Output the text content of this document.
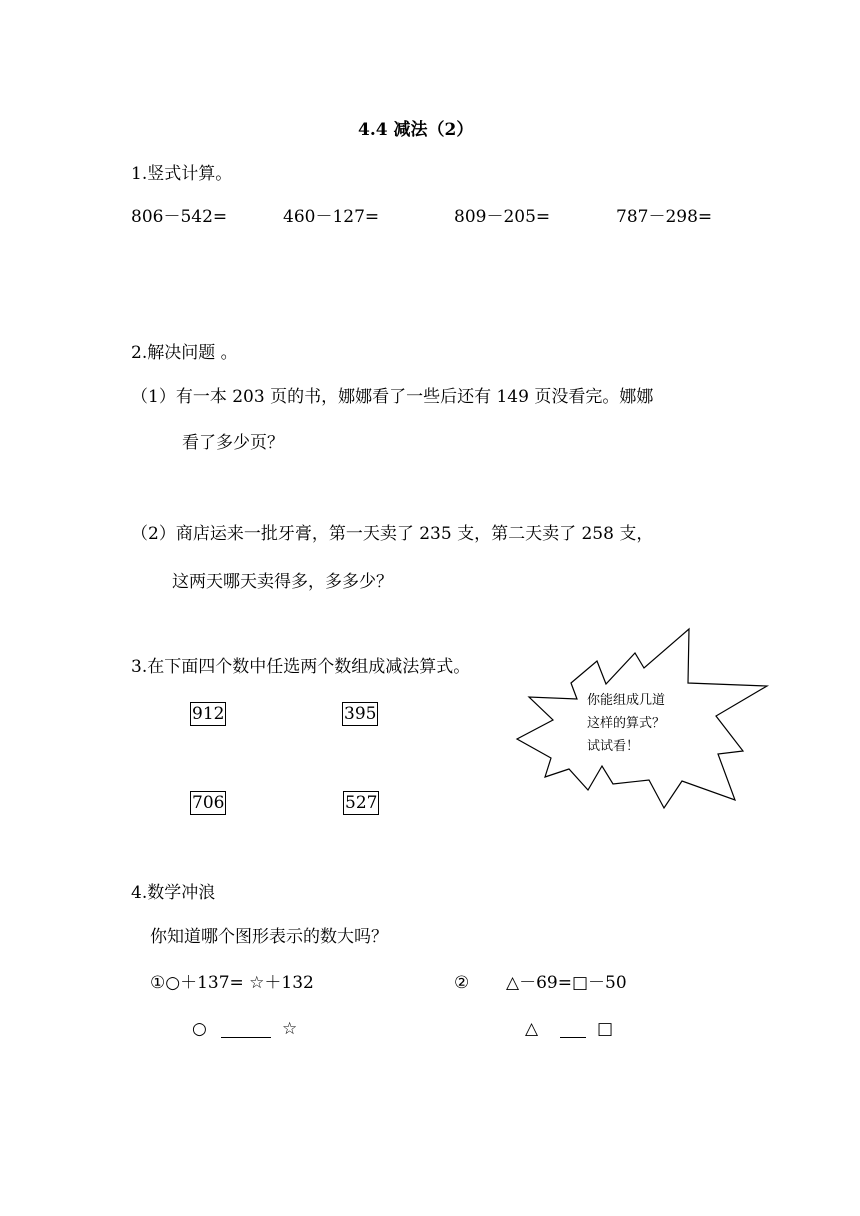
4.4 减法（2）
1.竖式计算。
806－542=	460－127=	809－205=	787－298=
2.解决问题 。
（1）有一本 203 页的书，娜娜看了一些后还有 149 页没看完。娜娜
看了多少页？
（2）商店运来一批牙膏，第一天卖了 235 支，第二天卖了 258 支，
这两天哪天卖得多，多多少？
3.在下面四个数中任选两个数组成减法算式。
912	395
706	527
你能组成几道
这样的算式？
试试看！
4.数学冲浪
你知道哪个图形表示的数大吗？
①○＋137= ☆＋132	② △－69=□－50
○	☆	△	□
